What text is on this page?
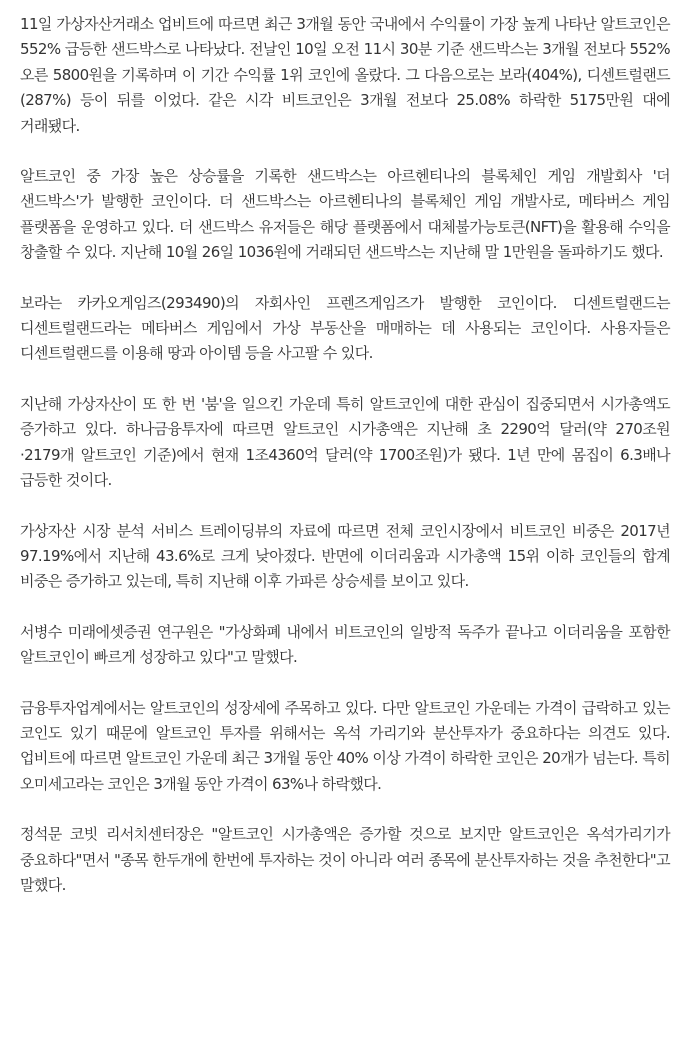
11일 가상자산거래소 업비트에 따르면 최근 3개월 동안 국내에서 수익률이 가장 높게 나타난 알트코인은 552% 급등한 샌드박스로 나타났다. 전날인 10일 오전 11시 30분 기준 샌드박스는 3개월 전보다 552% 오른 5800원을 기록하며 이 기간 수익률 1위 코인에 올랐다. 그 다음으로는 보라(404%), 디센트럴랜드(287%) 등이 뒤를 이었다. 같은 시각 비트코인은 3개월 전보다 25.08% 하락한 5175만원 대에 거래됐다.

알트코인 중 가장 높은 상승률을 기록한 샌드박스는 아르헨티나의 블록체인 게임 개발회사 '더 샌드박스'가 발행한 코인이다. 더 샌드박스는 아르헨티나의 블록체인 게임 개발사로, 메타버스 게임 플랫폼을 운영하고 있다. 더 샌드박스 유저들은 해당 플랫폼에서 대체불가능토큰(NFT)을 활용해 수익을 창출할 수 있다. 지난해 10월 26일 1036원에 거래되던 샌드박스는 지난해 말 1만원을 돌파하기도 했다.

보라는 카카오게임즈(293490)의 자회사인 프렌즈게임즈가 발행한 코인이다. 디센트럴랜드는 디센트럴랜드라는 메타버스 게임에서 가상 부동산을 매매하는 데 사용되는 코인이다. 사용자들은 디센트럴랜드를 이용해 땅과 아이템 등을 사고팔 수 있다.

지난해 가상자산이 또 한 번 '붐'을 일으킨 가운데 특히 알트코인에 대한 관심이 집중되면서 시가총액도 증가하고 있다. 하나금융투자에 따르면 알트코인 시가총액은 지난해 초 2290억 달러(약 270조원·2179개 알트코인 기준)에서 현재 1조4360억 달러(약 1700조원)가 됐다. 1년 만에 몸집이 6.3배나 급등한 것이다.

가상자산 시장 분석 서비스 트레이딩뷰의 자료에 따르면 전체 코인시장에서 비트코인 비중은 2017년 97.19%에서 지난해 43.6%로 크게 낮아졌다. 반면에 이더리움과 시가총액 15위 이하 코인들의 합계 비중은 증가하고 있는데, 특히 지난해 이후 가파른 상승세를 보이고 있다.

서병수 미래에셋증권 연구원은 "가상화폐 내에서 비트코인의 일방적 독주가 끝나고 이더리움을 포함한 알트코인이 빠르게 성장하고 있다"고 말했다.

금융투자업계에서는 알트코인의 성장세에 주목하고 있다. 다만 알트코인 가운데는 가격이 급락하고 있는 코인도 있기 때문에 알트코인 투자를 위해서는 옥석 가리기와 분산투자가 중요하다는 의견도 있다. 업비트에 따르면 알트코인 가운데 최근 3개월 동안 40% 이상 가격이 하락한 코인은 20개가 넘는다. 특히 오미세고라는 코인은 3개월 동안 가격이 63%나 하락했다.

정석문 코빗 리서치센터장은 "알트코인 시가총액은 증가할 것으로 보지만 알트코인은 옥석가리기가 중요하다"면서 "종목 한두개에 한번에 투자하는 것이 아니라 여러 종목에 분산투자하는 것을 추천한다"고 말했다.
